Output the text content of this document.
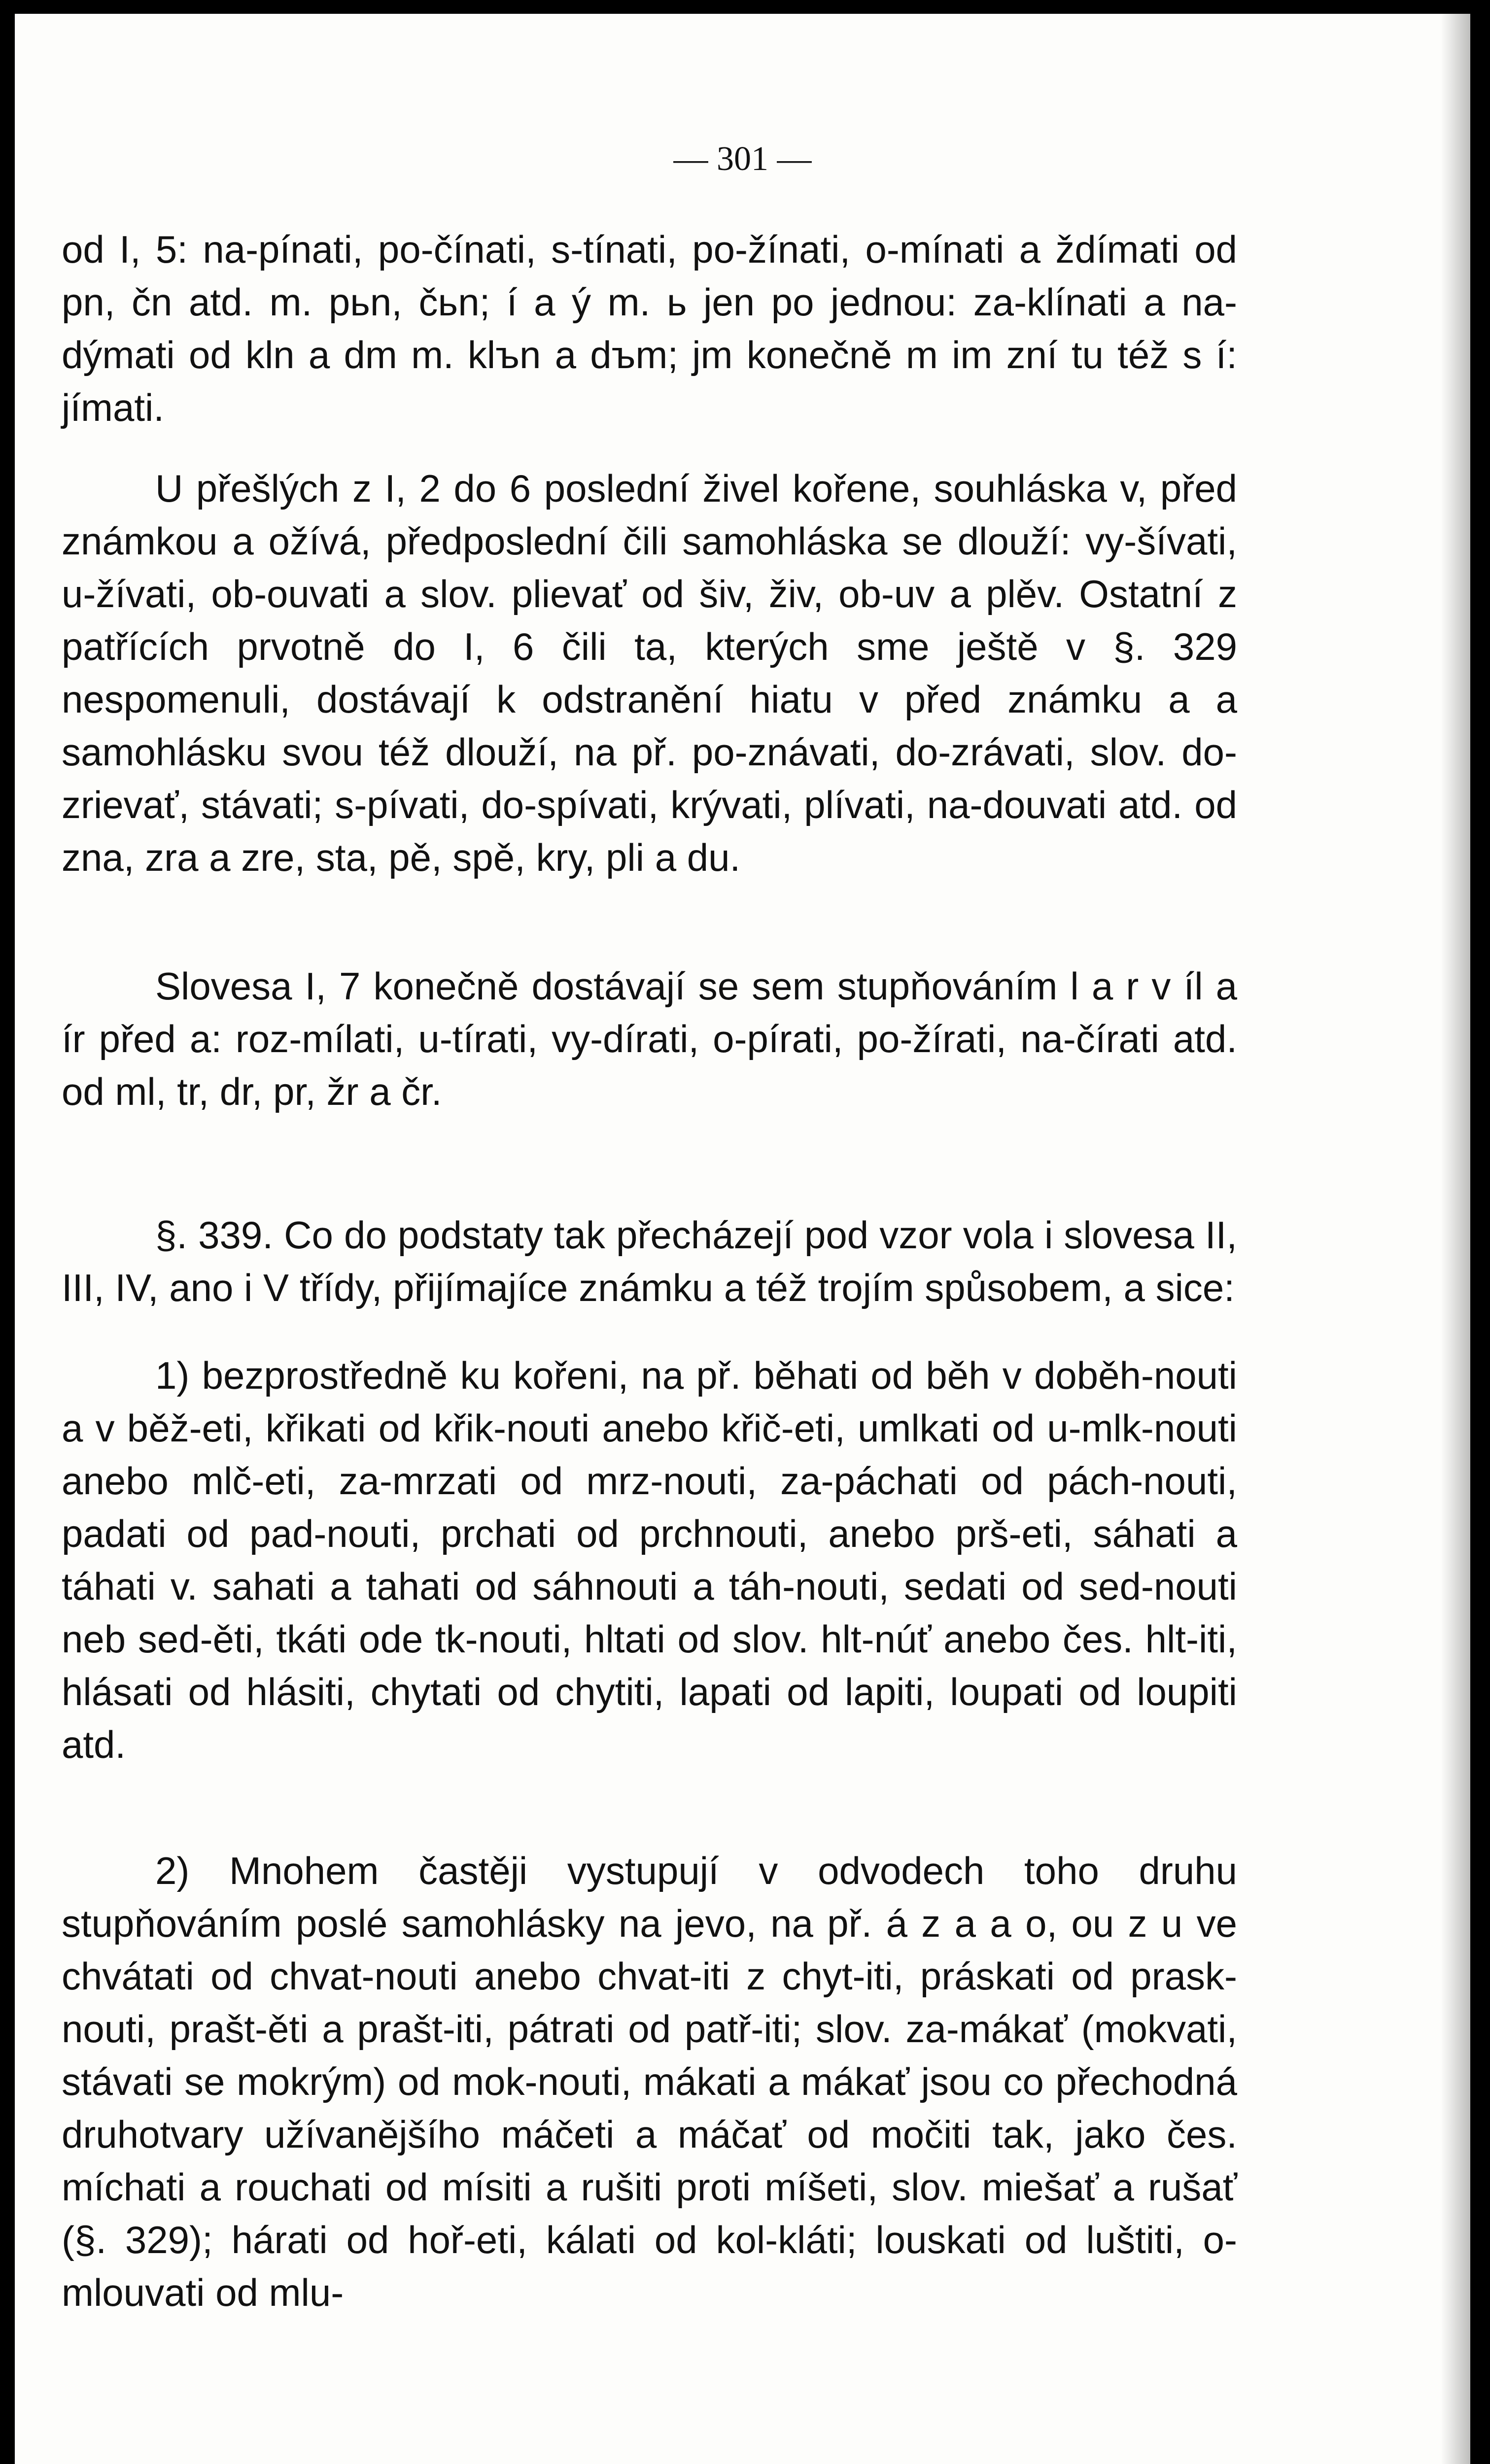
— 301 —

od I, 5: na-pínati, po-čínati, s-tínati, po-žínati, o-mínati a ždímati od pn, čn atd. m. pьn, čьn; í a ý m. ь jen po jednou: za-klínati a na-dýmati od kln a dm m. klъn a dъm; jm konečně m im zní tu též s í: jímati.

U přešlých z I, 2 do 6 poslední živel kořene, souhláska v, před známkou a ožívá, předposlední čili samohláska se dlouží: vy-šívati, u-žívati, ob-ouvati a slov. plievať od šiv, živ, ob-uv a plěv. Ostatní z patřících prvotně do I, 6 čili ta, kterých sme ještě v §. 329 nespomenuli, dostávají k odstranění hiatu v před známku a a samohlásku svou též dlouží, na př. po-znávati, do-zrávati, slov. do-zrievať, stávati; s-pívati, do-spívati, krývati, plívati, na-douvati atd. od zna, zra a zre, sta, pě, spě, kry, pli a du.

Slovesa I, 7 konečně dostávají se sem stupňováním l a r v íl a ír před a: roz-mílati, u-tírati, vy-dírati, o-pírati, po-žírati, na-čírati atd. od ml, tr, dr, pr, žr a čr.

§. 339. Co do podstaty tak přecházejí pod vzor vola i slovesa II, III, IV, ano i V třídy, přijímajíce známku a též trojím spůsobem, a sice:

1) bezprostředně ku kořeni, na př. běhati od běh v doběh-nouti a v běž-eti, křikati od křik-nouti anebo křič-eti, umlkati od u-mlk-nouti anebo mlč-eti, za-mrzati od mrz-nouti, za-páchati od pách-nouti, padati od pad-nouti, prchati od prchnouti, anebo prš-eti, sáhati a táhati v. sahati a tahati od sáhnouti a táh-nouti, sedati od sed-nouti neb sed-ěti, tkáti ode tk-nouti, hltati od slov. hlt-núť anebo čes. hlt-iti, hlásati od hlásiti, chytati od chytiti, lapati od lapiti, loupati od loupiti atd.

2) Mnohem častěji vystupují v odvodech toho druhu stupňováním poslé samohlásky na jevo, na př. á z a a o, ou z u ve chvátati od chvat-nouti anebo chvat-iti z chyt-iti, práskati od prask-nouti, prašt-ěti a prašt-iti, pátrati od patř-iti; slov. za-mákať (mokvati, stávati se mokrým) od mok-nouti, mákati a mákať jsou co přechodná druhotvary užívanějšího máčeti a máčať od močiti tak, jako čes. míchati a rouchati od mísiti a rušiti proti míšeti, slov. miešať a rušať (§. 329); hárati od hoř-eti, kálati od kol-kláti; louskati od luštiti, o-mlouvati od mlu-
